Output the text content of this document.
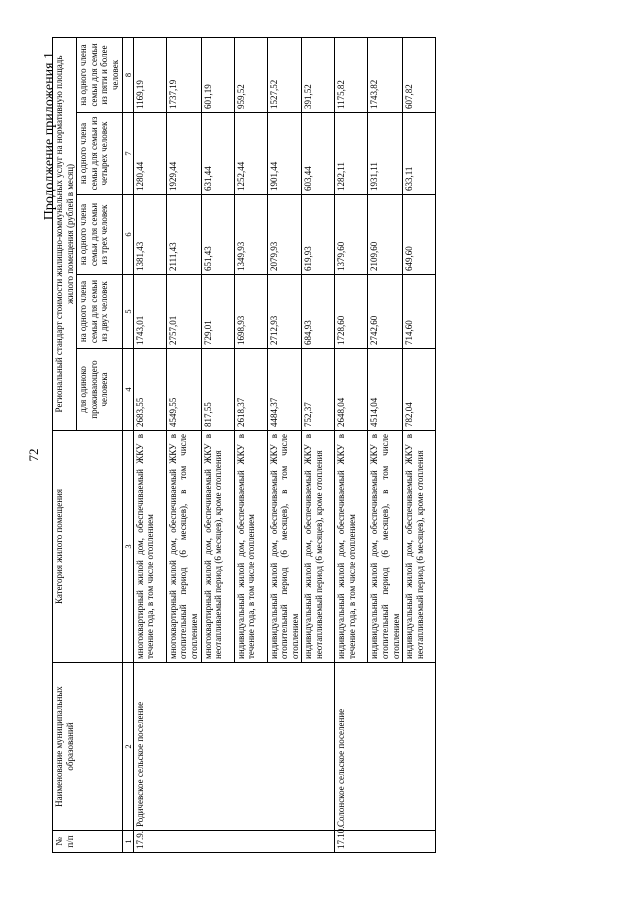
72
Продолжение приложения 1
№ п/п	Наименование муниципальных образований	Категория жилого помещения	Региональный стандарт стоимости жилищно-коммунальных услуг на нормативную площадь жилого помещения (рублей в месяц)				
			для одиноко проживающего человека	на одного члена семьи для семьи из двух человек	на одного члена семьи для семьи из трех человек	на одного члена семьи для семьи из четырех человек	на одного члена семьи для семьи из пяти и более человек
1	2	3	4	5	6	7	8
17.9.	Родичевское сельское поселение	многоквартирный жилой дом, обеспечиваемый ЖКУ в течение года, в том числе отоплением	2683,55	1743,01	1381,43	1280,44	1169,19
		многоквартирный жилой дом, обеспечиваемый ЖКУ в отопительный период (6 месяцев), в том числе отоплением	4549,55	2757,01	2111,43	1929,44	1737,19
		многоквартирный жилой дом, обеспечиваемый ЖКУ в неотапливаемый период (6 месяцев), кроме отопления	817,55	729,01	651,43	631,44	601,19
		индивидуальный жилой дом, обеспечиваемый ЖКУ в течение года, в том числе отоплением	2618,37	1698,93	1349,93	1252,44	959,52
		индивидуальный жилой дом, обеспечиваемый ЖКУ в отопительный период (6 месяцев), в том числе отоплением	4484,37	2712,93	2079,93	1901,44	1527,52
		индивидуальный жилой дом, обеспечиваемый ЖКУ в неотапливаемый период (6 месяцев), кроме отопления	752,37	684,93	619,93	603,44	391,52
17.10.	Солонское сельское поселение	индивидуальный жилой дом, обеспечиваемый ЖКУ в течение года, в том числе отоплением	2648,04	1728,60	1379,60	1282,11	1175,82
		индивидуальный жилой дом, обеспечиваемый ЖКУ в отопительный период (6 месяцев), в том числе отоплением	4514,04	2742,60	2109,60	1931,11	1743,82
		индивидуальный жилой дом, обеспечиваемый ЖКУ в неотапливаемый период (6 месяцев), кроме отопления	782,04	714,60	649,60	633,11	607,82
